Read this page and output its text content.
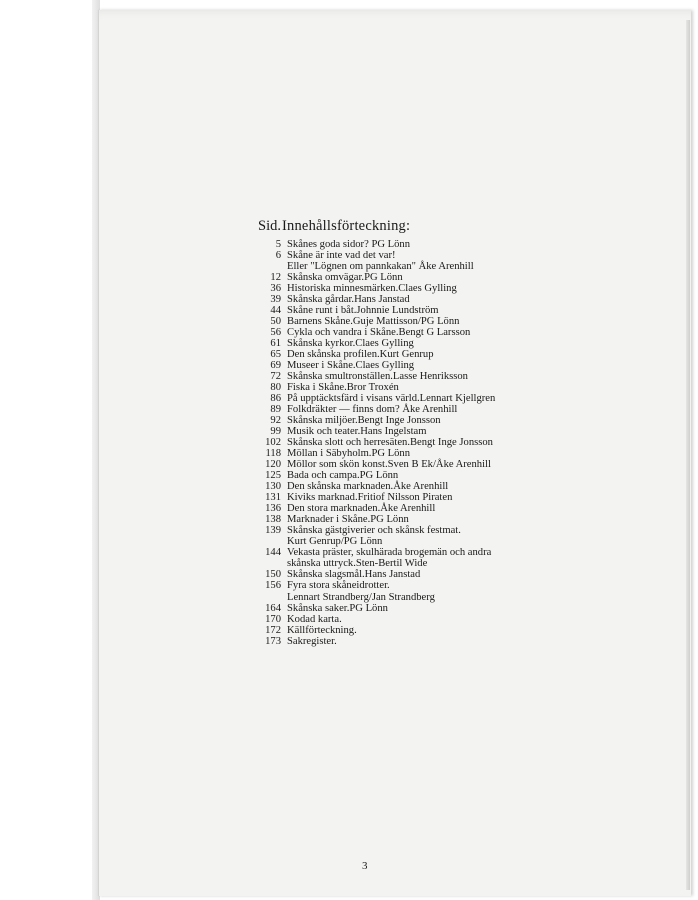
Sid. Innehållsförteckning:
5 Skånes goda sidor? PG Lönn
6 Skåne är inte vad det var!
Eller "Lögnen om pannkakan" Åke Arenhill
12 Skånska omvägar.PG Lönn
36 Historiska minnesmärken.Claes Gylling
39 Skånska gårdar.Hans Janstad
44 Skåne runt i båt.Johnnie Lundström
50 Barnens Skåne.Guje Mattisson/PG Lönn
56 Cykla och vandra i Skåne.Bengt G Larsson
61 Skånska kyrkor.Claes Gylling
65 Den skånska profilen.Kurt Genrup
69 Museer i Skåne.Claes Gylling
72 Skånska smultronställen.Lasse Henriksson
80 Fiska i Skåne.Bror Troxén
86 På upptäcktsfärd i visans värld.Lennart Kjellgren
89 Folkdräkter — finns dom? Åke Arenhill
92 Skånska miljöer.Bengt Inge Jonsson
99 Musik och teater.Hans Ingelstam
102 Skånska slott och herresäten.Bengt Inge Jonsson
118 Möllan i Säbyholm.PG Lönn
120 Möllor som skön konst.Sven B Ek/Åke Arenhill
125 Bada och campa.PG Lönn
130 Den skånska marknaden.Åke Arenhill
131 Kiviks marknad.Fritiof Nilsson Piraten
136 Den stora marknaden.Åke Arenhill
138 Marknader i Skåne.PG Lönn
139 Skånska gästgiverier och skånsk festmat.
Kurt Genrup/PG Lönn
144 Vekasta präster, skulhärada brogemän och andra
skånska uttryck.Sten-Bertil Wide
150 Skånska slagsmål.Hans Janstad
156 Fyra stora skåneidrotter.
Lennart Strandberg/Jan Strandberg
164 Skånska saker.PG Lönn
170 Kodad karta.
172 Källförteckning.
173 Sakregister.
3
